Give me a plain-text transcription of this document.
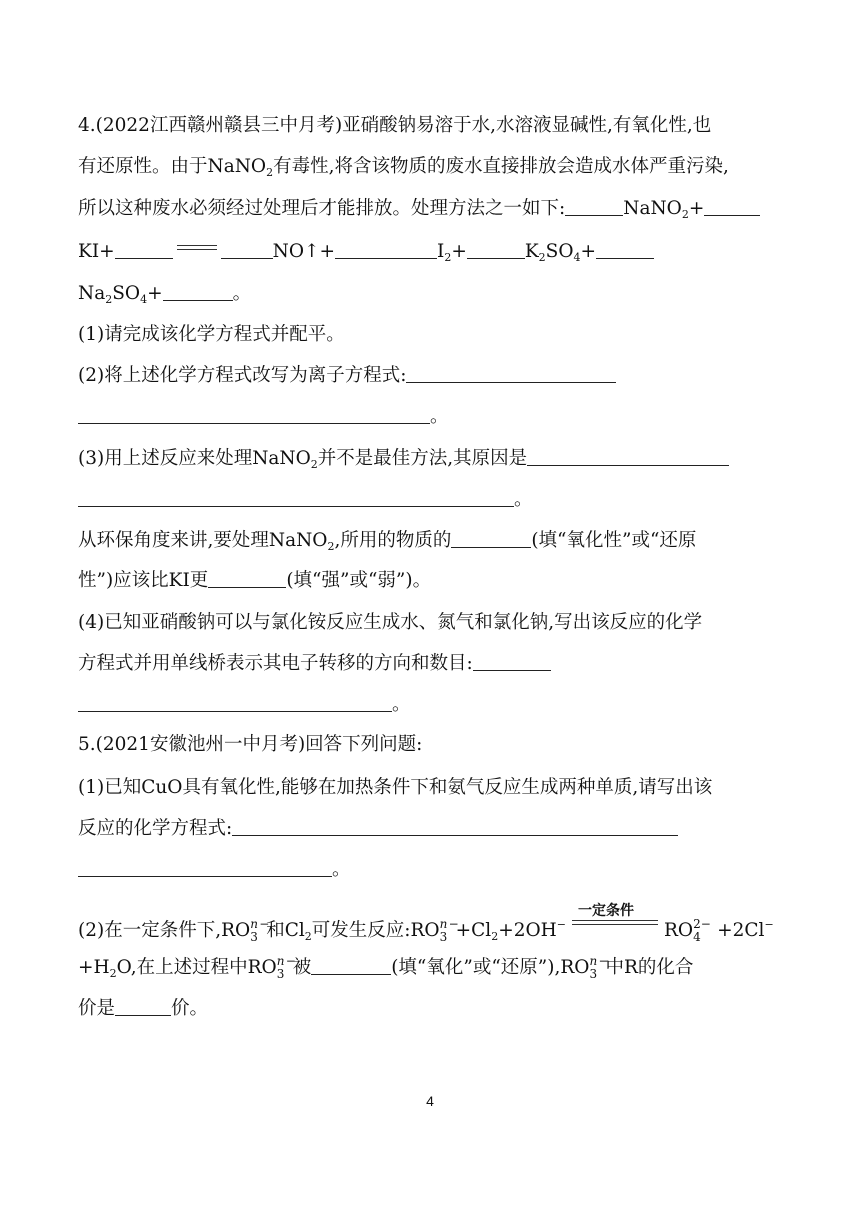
4.(2022江西赣州赣县三中月考)亚硝酸钠易溶于水,水溶液显碱性,有氧化性,也
有还原性。由于NaNO$_2$有毒性,将含该物质的废水直接排放会造成水体严重污染,
所以这种废水必须经过处理后才能排放。处理方法之一如下:	NaNO$_2$+
KI+	NO↑+	$I_2+$	$K_2SO_4+$
$Na_2SO_4+$	。
(1)请完成该化学方程式并配平。
(2)将上述化学方程式改写为离子方程式:
。
(3)用上述反应来处理NaNO$_2$并不是最佳方法,其原因是
。
从环保角度来讲,要处理NaNO$_2$,所用的物质的	(填“氧化性”或“还原
性”)应该比KI更	(填“强”或“弱”)。
(4)已知亚硝酸钠可以与氯化铵反应生成水、氮气和氯化钠,写出该反应的化学
方程式并用单线桥表示其电子转移的方向和数目:
。
5.(2021安徽池州一中月考)回答下列问题:
(1)已知CuO具有氧化性,能够在加热条件下和氨气反应生成两种单质,请写出该
反应的化学方程式:
。
(2)在一定条件下,RO n
3
−
和$Cl_2$可发生反应:RO n
3
−
$+Cl_2+2OH^-$
一定条件
RO 2−
4 +2Cl−
$+H_2O$,在上述过程中RO n
3
−
被	(填“氧化”或“还原”),RO n
3
−
中R的化合
价是	价。
4
